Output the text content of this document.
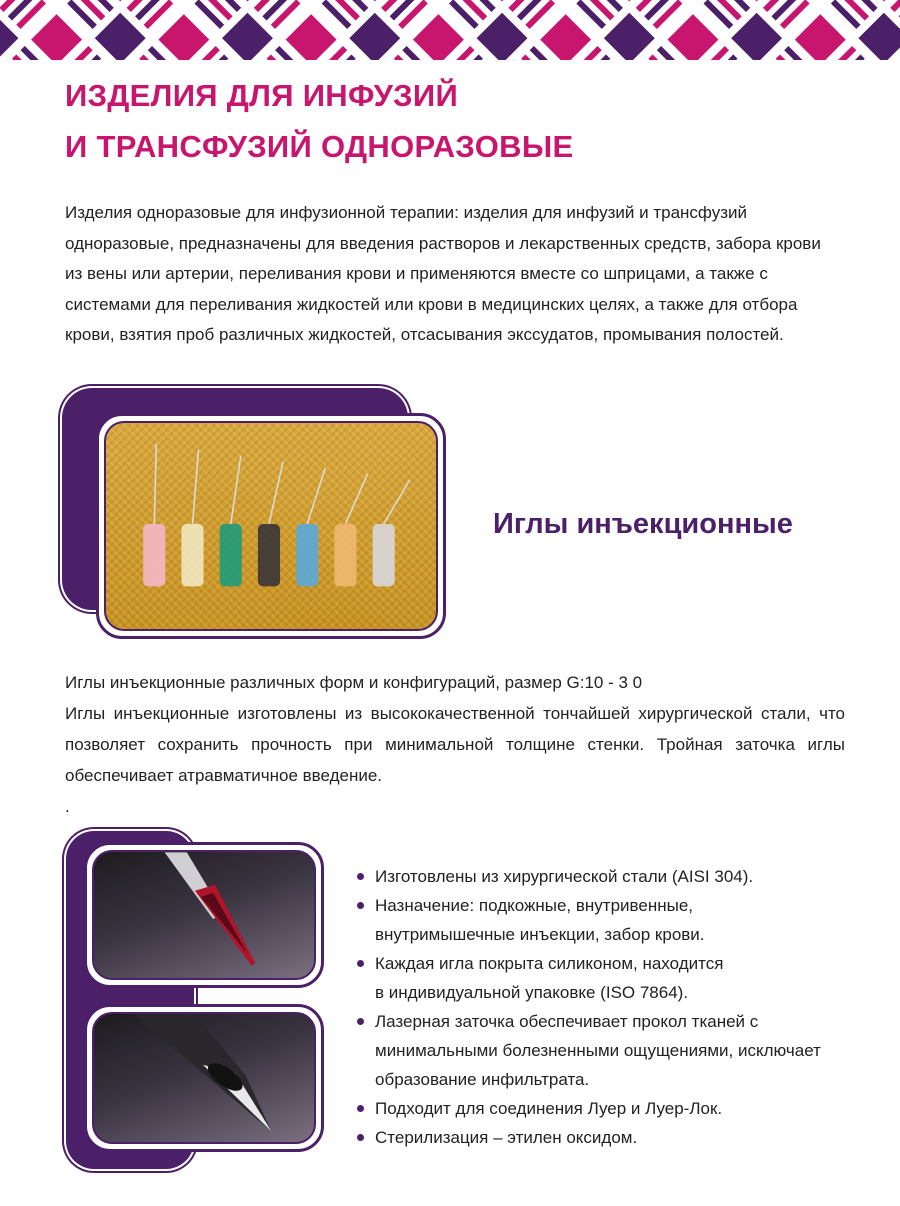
ИЗДЕЛИЯ ДЛЯ ИНФУЗИЙ
И ТРАНСФУЗИЙ ОДНОРАЗОВЫЕ

Изделия одноразовые для инфузионной терапии: изделия для инфузий и трансфузий
одноразовые, предназначены для введения растворов и лекарственных средств, забора крови
из вены или артерии, переливания крови и применяются вместе со шприцами, а также с
системами для переливания жидкостей или крови в медицинских целях, а также для отбора
крови, взятия проб различных жидкостей, отсасывания экссудатов, промывания полостей.

Иглы инъекционные

Иглы инъекционные различных форм и конфигураций, размер G:10 - 3 0
Иглы инъекционные изготовлены из высококачественной тончайшей хирургической стали, что
позволяет сохранить прочность при минимальной толщине стенки. Тройная заточка иглы
обеспечивает атравматичное введение.
.

Изготовлены из хирургической стали (AISI 304).
Назначение: подкожные, внутривенные,
внутримышечные инъекции, забор крови.
Каждая игла покрыта силиконом, находится
в индивидуальной упаковке (ISO 7864).
Лазерная заточка обеспечивает прокол тканей с
минимальными болезненными ощущениями, исключает
образование инфильтрата.
Подходит для соединения Луер и Луер-Лок.
Стерилизация – этилен оксидом.
